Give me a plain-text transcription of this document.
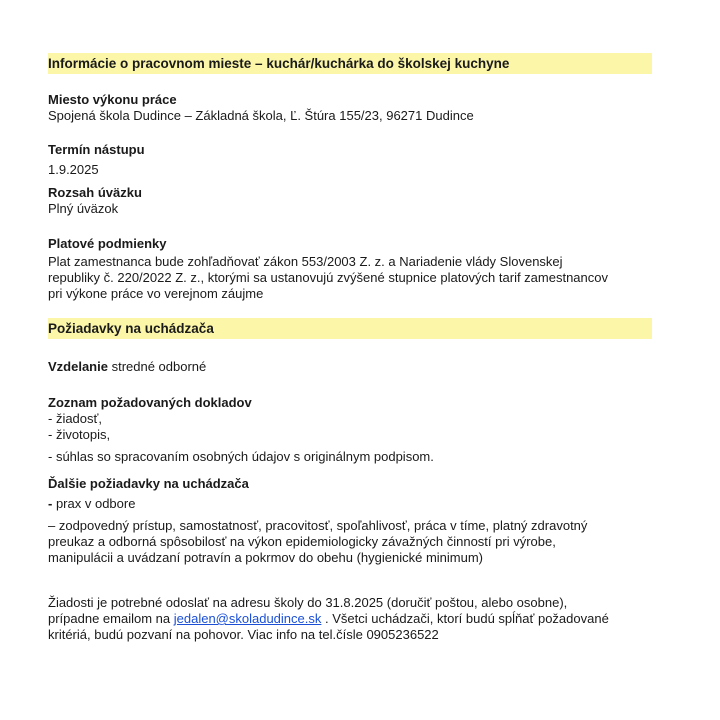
Informácie o pracovnom mieste – kuchár/kuchárka do školskej kuchyne
Miesto výkonu práce
Spojená škola Dudince – Základná škola, Ľ. Štúra 155/23, 96271 Dudince
Termín nástupu
1.9.2025
Rozsah úväzku
Plný úväzok
Platové podmienky
Plat zamestnanca bude zohľadňovať zákon 553/2003 Z. z. a Nariadenie vlády Slovenskej
republiky č. 220/2022 Z. z., ktorými sa ustanovujú zvýšené stupnice platových tarif zamestnancov
pri výkone práce vo verejnom záujme
Požiadavky na uchádzača
Vzdelanie stredné odborné
Zoznam požadovaných dokladov
- žiadosť,
- životopis,
- súhlas so spracovaním osobných údajov s originálnym podpisom.
Ďalšie požiadavky na uchádzača
- prax v odbore
– zodpovedný prístup, samostatnosť, pracovitosť, spoľahlivosť, práca v tíme, platný zdravotný
preukaz a odborná spôsobilosť na výkon epidemiologicky závažných činností pri výrobe,
manipulácii a uvádzaní potravín a pokrmov do obehu (hygienické minimum)
Žiadosti je potrebné odoslať na adresu školy do 31.8.2025 (doručiť poštou, alebo osobne),
prípadne emailom na jedalen@skoladudince.sk . Všetci uchádzači, ktorí budú spĺňať požadované
kritériá, budú pozvaní na pohovor. Viac info na tel.čísle 0905236522
